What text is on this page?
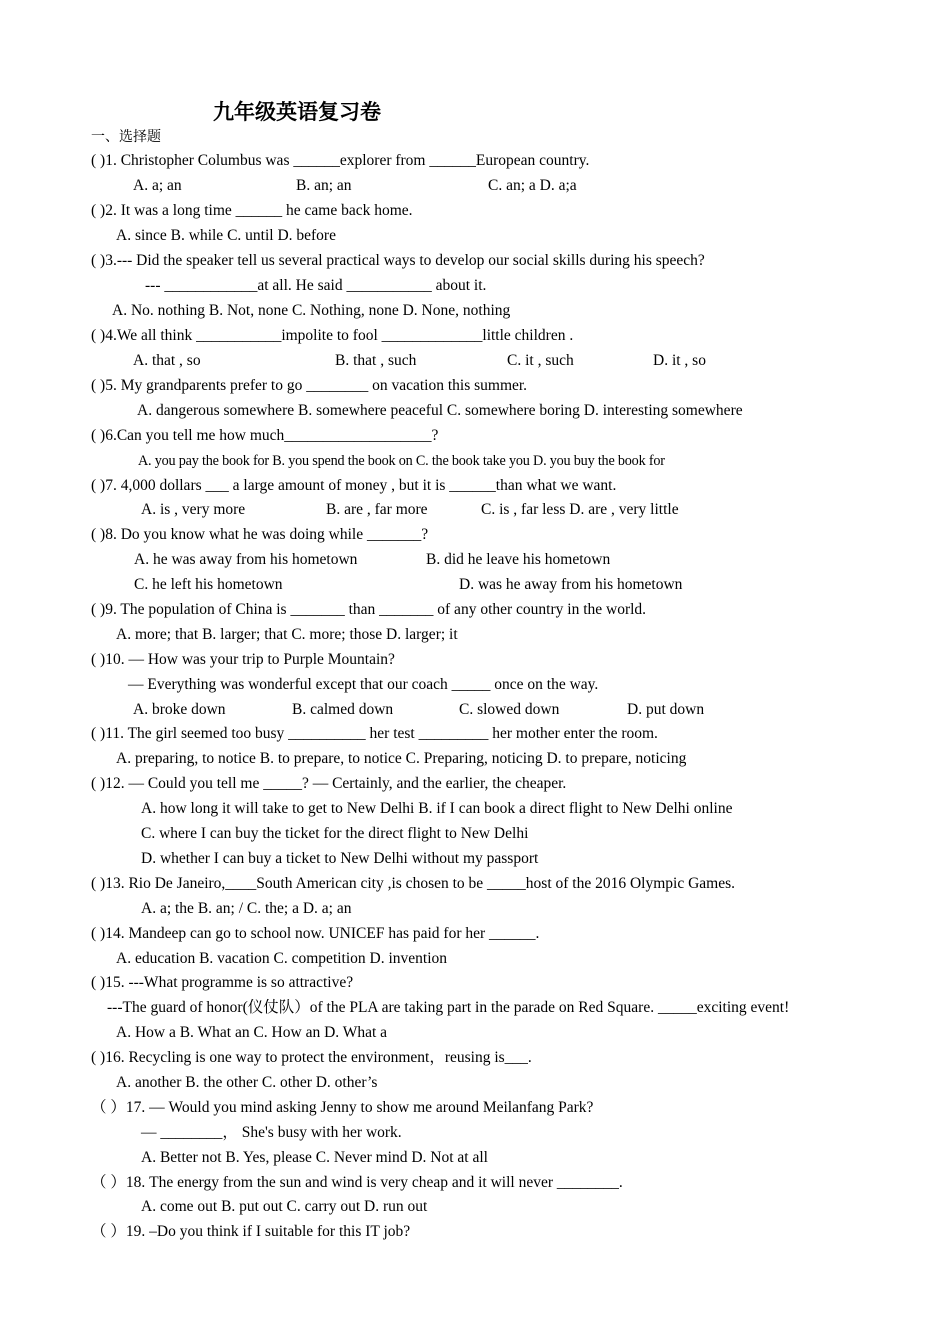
九年级英语复习卷
一、选择题
( )1. Christopher Columbus was ______explorer from ______European country.
A. a; an	B. an; an	C. an; a D. a;a
( )2. It was a long time ______ he came back home.
A. since B. while C. until D. before
( )3.--- Did the speaker tell us several practical ways to develop our social skills during his speech?
--- ____________at all. He said ___________ about it.
A. No. nothing B. Not, none C. Nothing, none D. None, nothing
( )4.We all think ___________impolite to fool _____________little children .
A. that , so	B. that , such	C. it , such	D. it , so
( )5. My grandparents prefer to go ________ on vacation this summer.
A. dangerous somewhere B. somewhere peaceful C. somewhere boring D. interesting somewhere
( )6.Can you tell me how much___________________?
A. you pay the book for B. you spend the book on C. the book take you D. you buy the book for
( )7. 4,000 dollars ___ a large amount of money , but it is ______than what we want.
A. is , very more	B. are , far more	C. is , far less D. are , very little
( )8. Do you know what he was doing while _______?
A. he was away from his hometown	B. did he leave his hometown
C. he left his hometown	D. was he away from his hometown
( )9. The population of China is _______ than _______ of any other country in the world.
A. more; that B. larger; that C. more; those D. larger; it
( )10. — How was your trip to Purple Mountain?
— Everything was wonderful except that our coach _____ once on the way.
A. broke down	B. calmed down	C. slowed down	D. put down
( )11. The girl seemed too busy __________ her test _________ her mother enter the room.
A. preparing, to notice B. to prepare, to notice C. Preparing, noticing D. to prepare, noticing
( )12. — Could you tell me _____? — Certainly, and the earlier, the cheaper.
A. how long it will take to get to New Delhi B. if I can book a direct flight to New Delhi online
C. where I can buy the ticket for the direct flight to New Delhi
D. whether I can buy a ticket to New Delhi without my passport
( )13. Rio De Janeiro,____South American city ,is chosen to be _____host of the 2016 Olympic Games.
A. a; the B. an; / C. the; a D. a; an
( )14. Mandeep can go to school now. UNICEF has paid for her ______.
A. education B. vacation C. competition D. invention
( )15. ---What programme is so attractive?
---The guard of honor(仪仗队）of the PLA are taking part in the parade on Red Square. _____exciting event!
A. How a B. What an C. How an D. What a
( )16. Recycling is one way to protect the environment，reusing is___.
A. another B. the other C. other D. other’s
（ ）17. — Would you mind asking Jenny to show me around Meilanfang Park?
— ________， She's busy with her work.
A. Better not B. Yes, please C. Never mind D. Not at all
（ ）18. The energy from the sun and wind is very cheap and it will never ________.
A. come out B. put out C. carry out D. run out
（ ）19. –Do you think if I suitable for this IT job?
